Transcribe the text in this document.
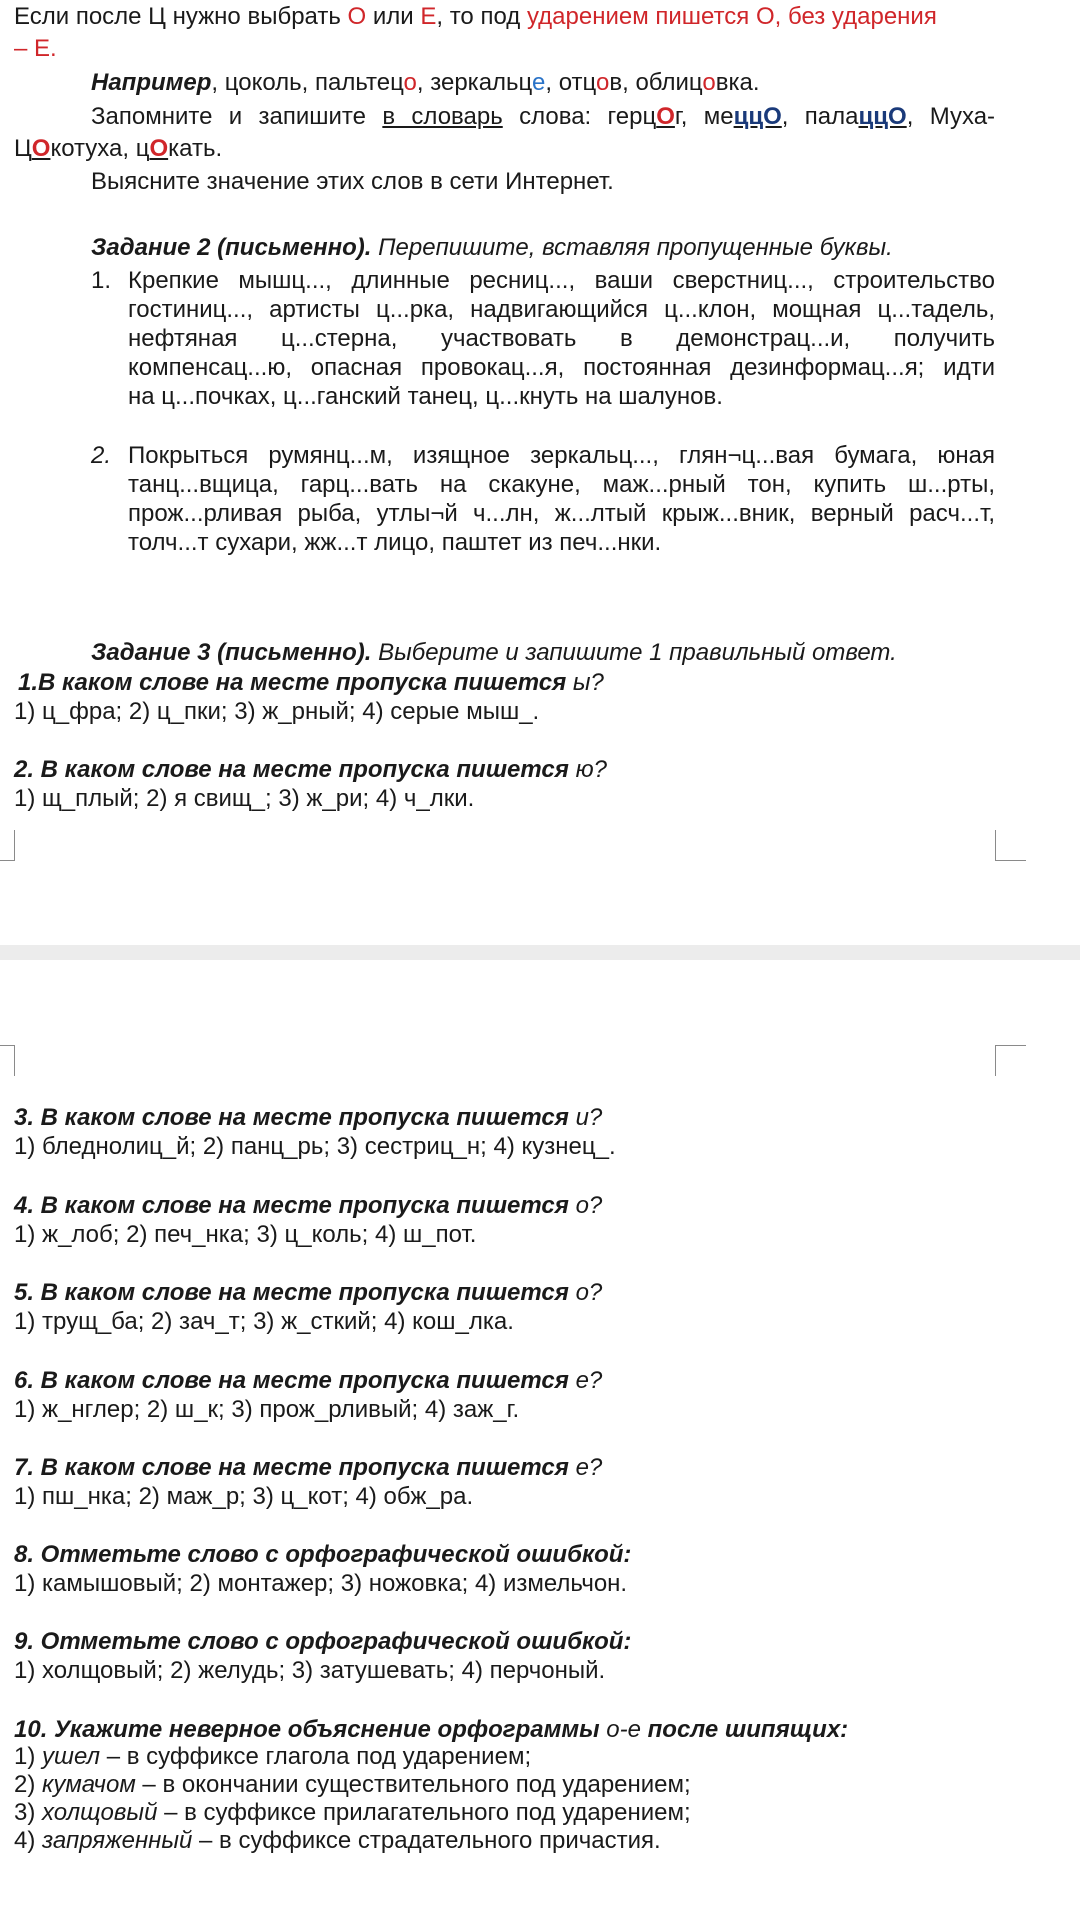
Если после Ц нужно выбрать О или Е, то под ударением пишется О, без ударения
– Е.
Например, цоколь, пальтецо, зеркальце, отцов, облицовка.
Запомните и запишите в словарь слова: герцОг, меццО, палаццО, Муха-
ЦОкотуха, цОкать.
Выясните значение этих слов в сети Интернет.
Задание 2 (письменно). Перепишите, вставляя пропущенные буквы.
1. Крепкие мышц..., длинные ресниц..., ваши сверстниц..., строительство
гостиниц..., артисты ц...рка, надвигающийся ц...клон, мощная ц...тадель,
нефтяная ц...стерна, участвовать в демонстрац...и, получить
компенсац...ю, опасная провокац...я, постоянная дезинформац...я; идти
на ц...почках, ц...ганский танец, ц...кнуть на шалунов.
2. Покрыться румянц...м, изящное зеркальц..., глян¬ц...вая бумага, юная
танц...вщица, гарц...вать на скакуне, маж...рный тон, купить ш...рты,
прож...рливая рыба, утлы¬й ч...лн, ж...лтый крыж...вник, верный расч...т,
толч...т сухари, жж...т лицо, паштет из печ...нки.
Задание 3 (письменно). Выберите и запишите 1 правильный ответ.
1.В каком слове на месте пропуска пишется ы?
1) ц_фра; 2) ц_пки; 3) ж_рный; 4) серые мыш_.
2. В каком слове на месте пропуска пишется ю?
1) щ_плый; 2) я свищ_; 3) ж_ри; 4) ч_лки.
3. В каком слове на месте пропуска пишется и?
1) бледнолиц_й; 2) панц_рь; 3) сестриц_н; 4) кузнец_.
4. В каком слове на месте пропуска пишется о?
1) ж_лоб; 2) печ_нка; 3) ц_коль; 4) ш_пот.
5. В каком слове на месте пропуска пишется о?
1) трущ_ба; 2) зач_т; 3) ж_сткий; 4) кош_лка.
6. В каком слове на месте пропуска пишется е?
1) ж_нглер; 2) ш_к; 3) прож_рливый; 4) заж_г.
7. В каком слове на месте пропуска пишется е?
1) пш_нка; 2) маж_р; 3) ц_кот; 4) обж_ра.
8. Отметьте слово с орфографической ошибкой:
1) камышовый; 2) монтажер; 3) ножовка; 4) измельчон.
9. Отметьте слово с орфографической ошибкой:
1) холщовый; 2) желудь; 3) затушевать; 4) перчоный.
10. Укажите неверное объяснение орфограммы о-е после шипящих:
1) ушел – в суффиксе глагола под ударением;
2) кумачом – в окончании существительного под ударением;
3) холщовый – в суффиксе прилагательного под ударением;
4) запряженный – в суффиксе страдательного причастия.
